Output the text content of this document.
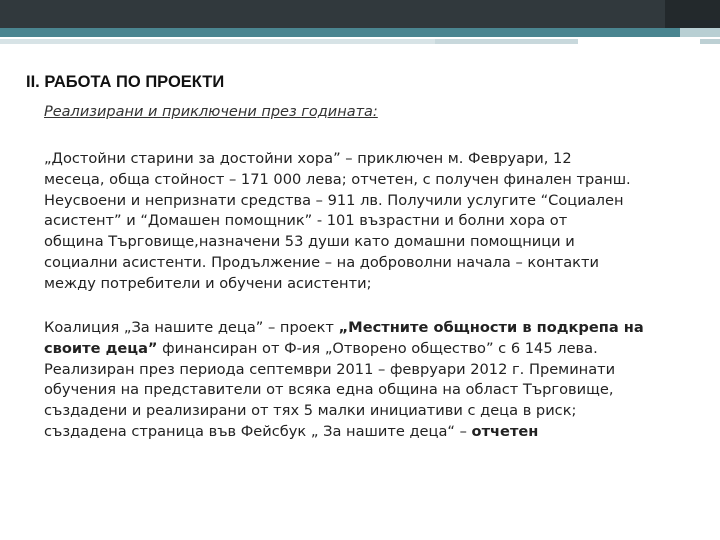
II. РАБОТА ПО ПРОЕКТИ
Реализирани и приключени през годината:
„Достойни старини за достойни хора” – приключен м. Февруари, 12
месеца, обща стойност – 171 000 лева; отчетен, с получен финален транш.
Неусвоени и непризнати средства – 911 лв. Получили услугите “Социален
асистент” и “Домашен помощник” - 101 възрастни и болни хора от
община Търговище,назначени 53 души като домашни помощници и
социални асистенти. Продължение – на доброволни начала – контакти
между потребители и обучени асистенти;
Коалиция „За нашите деца” – проект „Местните общности в подкрепа на
своите деца” финансиран от Ф-ия „Отворено общество” с 6 145 лева.
Реализиран през периода септември 2011 – февруари 2012 г. Преминати
обучения на представители от всяка една община на област Търговище,
създадени и реализирани от тях 5 малки инициативи с деца в риск;
създадена страница във Фейсбук „ За нашите деца“ – отчетен
